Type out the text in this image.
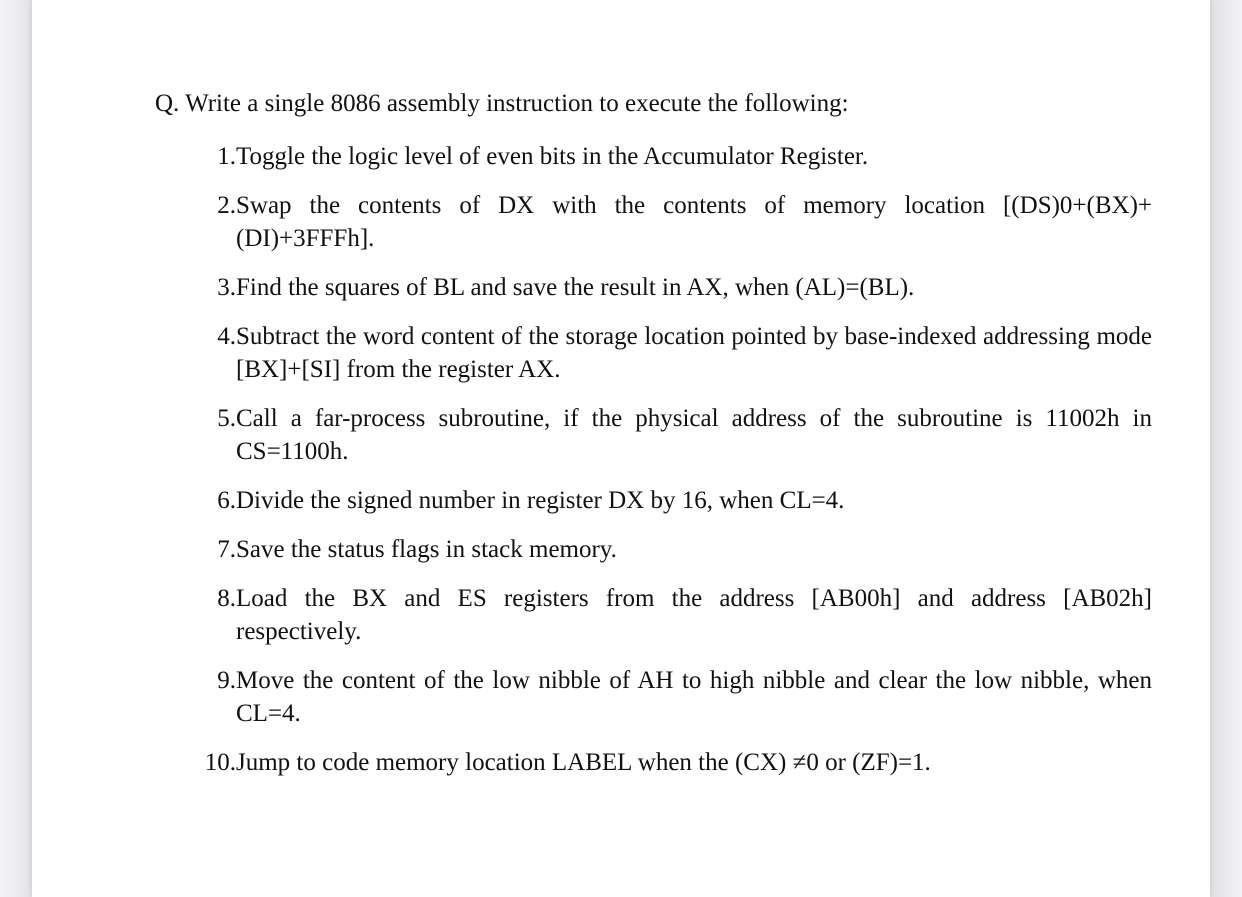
Q. Write a single 8086 assembly instruction to execute the following:
1. Toggle the logic level of even bits in the Accumulator Register.
2. Swap the contents of DX with the contents of memory location [(DS)0+(BX)+(DI)+3FFFh].
3. Find the squares of BL and save the result in AX, when (AL)=(BL).
4. Subtract the word content of the storage location pointed by base-indexed addressing mode [BX]+[SI] from the register AX.
5. Call a far-process subroutine, if the physical address of the subroutine is 11002h in CS=1100h.
6. Divide the signed number in register DX by 16, when CL=4.
7. Save the status flags in stack memory.
8. Load the BX and ES registers from the address [AB00h] and address [AB02h] respectively.
9. Move the content of the low nibble of AH to high nibble and clear the low nibble, when CL=4.
10. Jump to code memory location LABEL when the (CX) ≠0 or (ZF)=1.
